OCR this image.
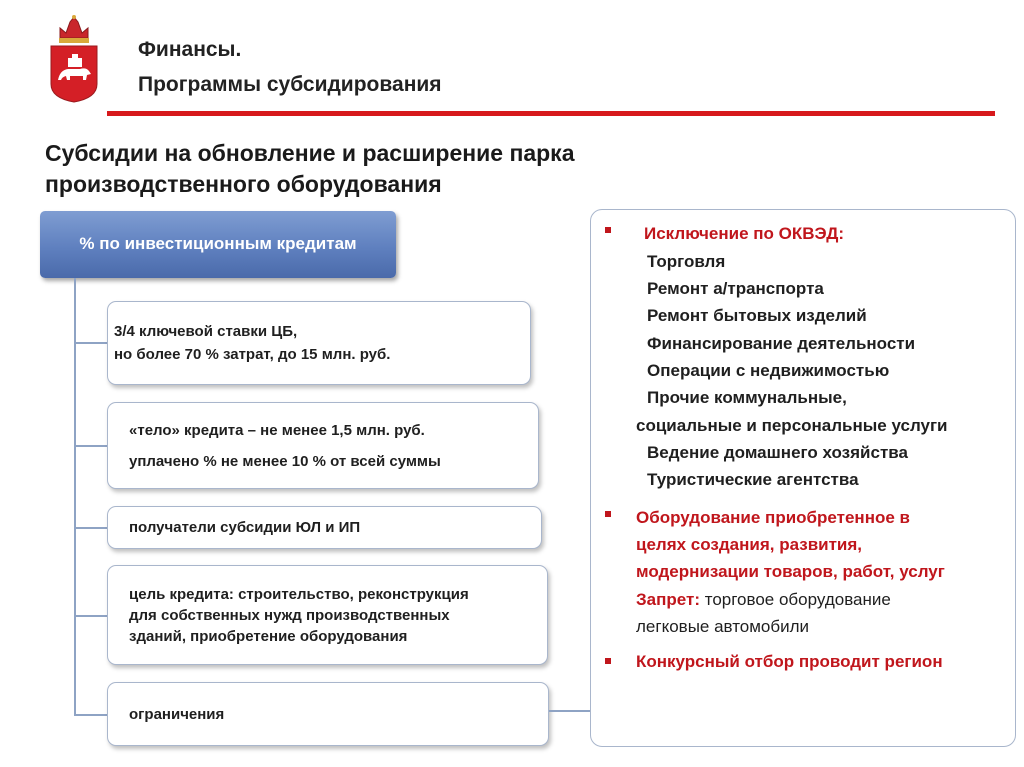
Финансы.
Программы субсидирования
Субсидии на обновление и расширение парка
производственного оборудования
% по инвестиционным кредитам
3/4 ключевой ставки ЦБ,
но более 70 % затрат, до 15 млн. руб.
«тело» кредита – не менее 1,5 млн. руб.
уплачено % не менее 10 % от всей суммы
получатели субсидии ЮЛ и ИП
цель кредита: строительство, реконструкция
для собственных нужд производственных
зданий, приобретение оборудования
ограничения
Исключение по ОКВЭД:
Торговля
Ремонт а/транспорта
Ремонт бытовых изделий
Финансирование деятельности
Операции с недвижимостью
Прочие коммунальные,
социальные и персональные услуги
Ведение домашнего хозяйства
Туристические агентства
Оборудование приобретенное в
целях создания, развития,
модернизации товаров, работ, услуг
Запрет: торговое оборудование
легковые автомобили
Конкурсный отбор проводит регион
